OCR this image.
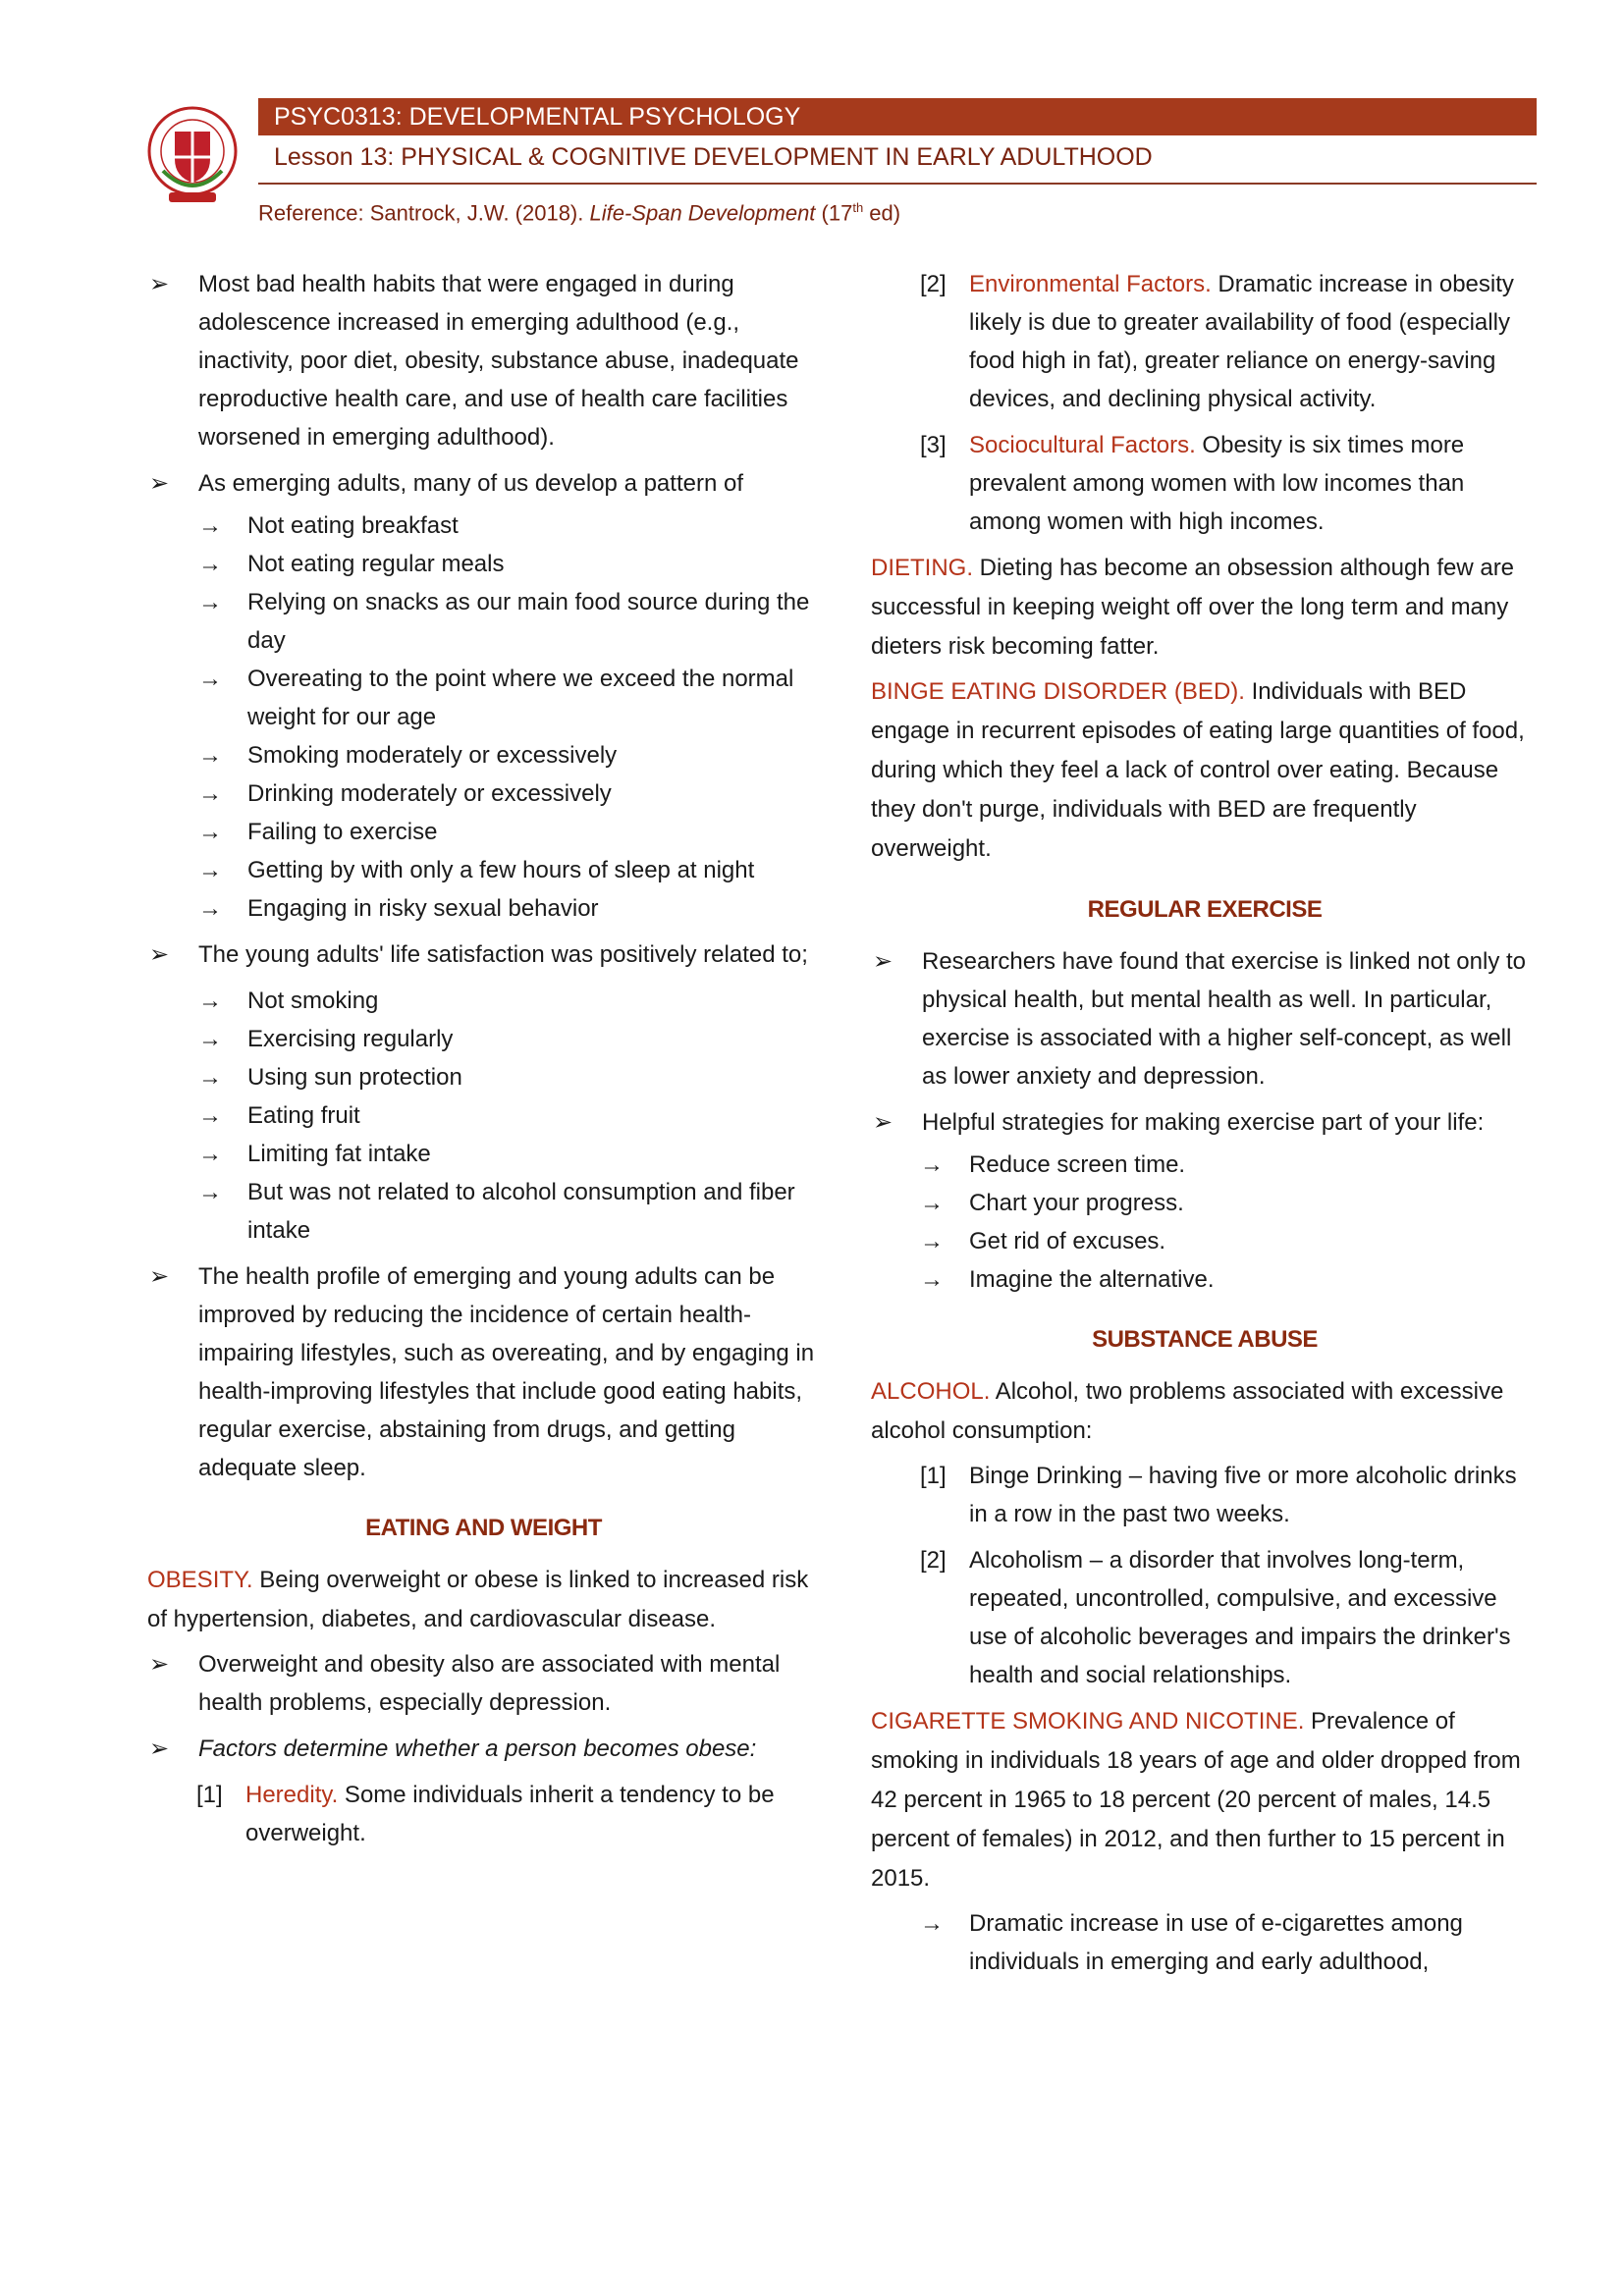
PSYC0313: DEVELOPMENTAL PSYCHOLOGY
Lesson 13: PHYSICAL & COGNITIVE DEVELOPMENT IN EARLY ADULTHOOD
Reference: Santrock, J.W. (2018). Life-Span Development (17th ed)
➢ Most bad health habits that were engaged in during adolescence increased in emerging adulthood (e.g., inactivity, poor diet, obesity, substance abuse, inadequate reproductive health care, and use of health care facilities worsened in emerging adulthood).
➢ As emerging adults, many of us develop a pattern of
→ Not eating breakfast
→ Not eating regular meals
→ Relying on snacks as our main food source during the day
→ Overeating to the point where we exceed the normal weight for our age
→ Smoking moderately or excessively
→ Drinking moderately or excessively
→ Failing to exercise
→ Getting by with only a few hours of sleep at night
→ Engaging in risky sexual behavior
➢ The young adults' life satisfaction was positively related to;
→ Not smoking
→ Exercising regularly
→ Using sun protection
→ Eating fruit
→ Limiting fat intake
→ But was not related to alcohol consumption and fiber intake
➢ The health profile of emerging and young adults can be improved by reducing the incidence of certain health-impairing lifestyles, such as overeating, and by engaging in health-improving lifestyles that include good eating habits, regular exercise, abstaining from drugs, and getting adequate sleep.
EATING AND WEIGHT
OBESITY. Being overweight or obese is linked to increased risk of hypertension, diabetes, and cardiovascular disease.
➢ Overweight and obesity also are associated with mental health problems, especially depression.
➢ Factors determine whether a person becomes obese:
[1] Heredity. Some individuals inherit a tendency to be overweight.
[2] Environmental Factors. Dramatic increase in obesity likely is due to greater availability of food (especially food high in fat), greater reliance on energy-saving devices, and declining physical activity.
[3] Sociocultural Factors. Obesity is six times more prevalent among women with low incomes than among women with high incomes.
DIETING. Dieting has become an obsession although few are successful in keeping weight off over the long term and many dieters risk becoming fatter.
BINGE EATING DISORDER (BED). Individuals with BED engage in recurrent episodes of eating large quantities of food, during which they feel a lack of control over eating. Because they don't purge, individuals with BED are frequently overweight.
REGULAR EXERCISE
➢ Researchers have found that exercise is linked not only to physical health, but mental health as well. In particular, exercise is associated with a higher self-concept, as well as lower anxiety and depression.
➢ Helpful strategies for making exercise part of your life:
→ Reduce screen time.
→ Chart your progress.
→ Get rid of excuses.
→ Imagine the alternative.
SUBSTANCE ABUSE
ALCOHOL. Alcohol, two problems associated with excessive alcohol consumption:
[1] Binge Drinking – having five or more alcoholic drinks in a row in the past two weeks.
[2] Alcoholism – a disorder that involves long-term, repeated, uncontrolled, compulsive, and excessive use of alcoholic beverages and impairs the drinker's health and social relationships.
CIGARETTE SMOKING AND NICOTINE. Prevalence of smoking in individuals 18 years of age and older dropped from 42 percent in 1965 to 18 percent (20 percent of males, 14.5 percent of females) in 2012, and then further to 15 percent in 2015.
→ Dramatic increase in use of e-cigarettes among individuals in emerging and early adulthood,
